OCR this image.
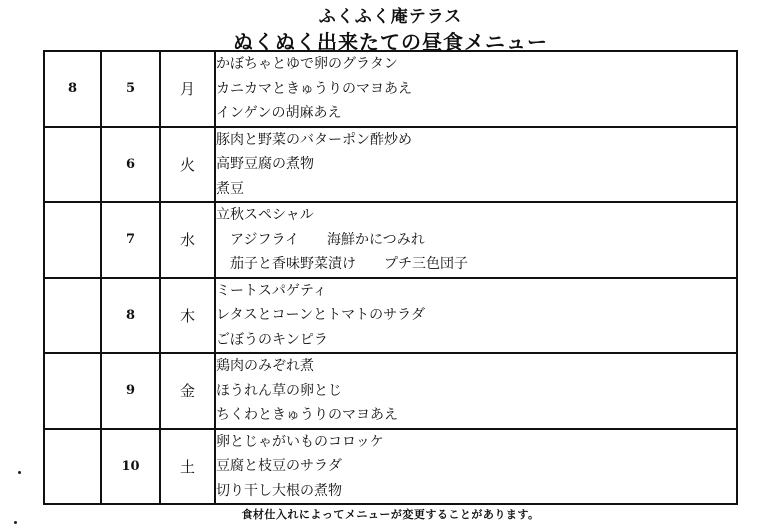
ふくふく庵テラス
ぬくぬく出来たての昼食メニュー
8	5	月	かぼちゃとゆで卵のグラタン
カニカマときゅうりのマヨあえ
インゲンの胡麻あえ

	6	火	豚肉と野菜のバターポン酢炒め
高野豆腐の煮物
煮豆

	7	水	立秋スペシャル
アジフライ　　海鮮かにつみれ
茄子と香味野菜漬け　　プチ三色団子

	8	木	ミートスパゲティ
レタスとコーンとトマトのサラダ
ごぼうのキンピラ

	9	金	鶏肉のみぞれ煮
ほうれん草の卵とじ
ちくわときゅうりのマヨあえ

	10	土	卵とじゃがいものコロッケ
豆腐と枝豆のサラダ
切り干し大根の煮物
食材仕入れによってメニューが変更することがあります。
